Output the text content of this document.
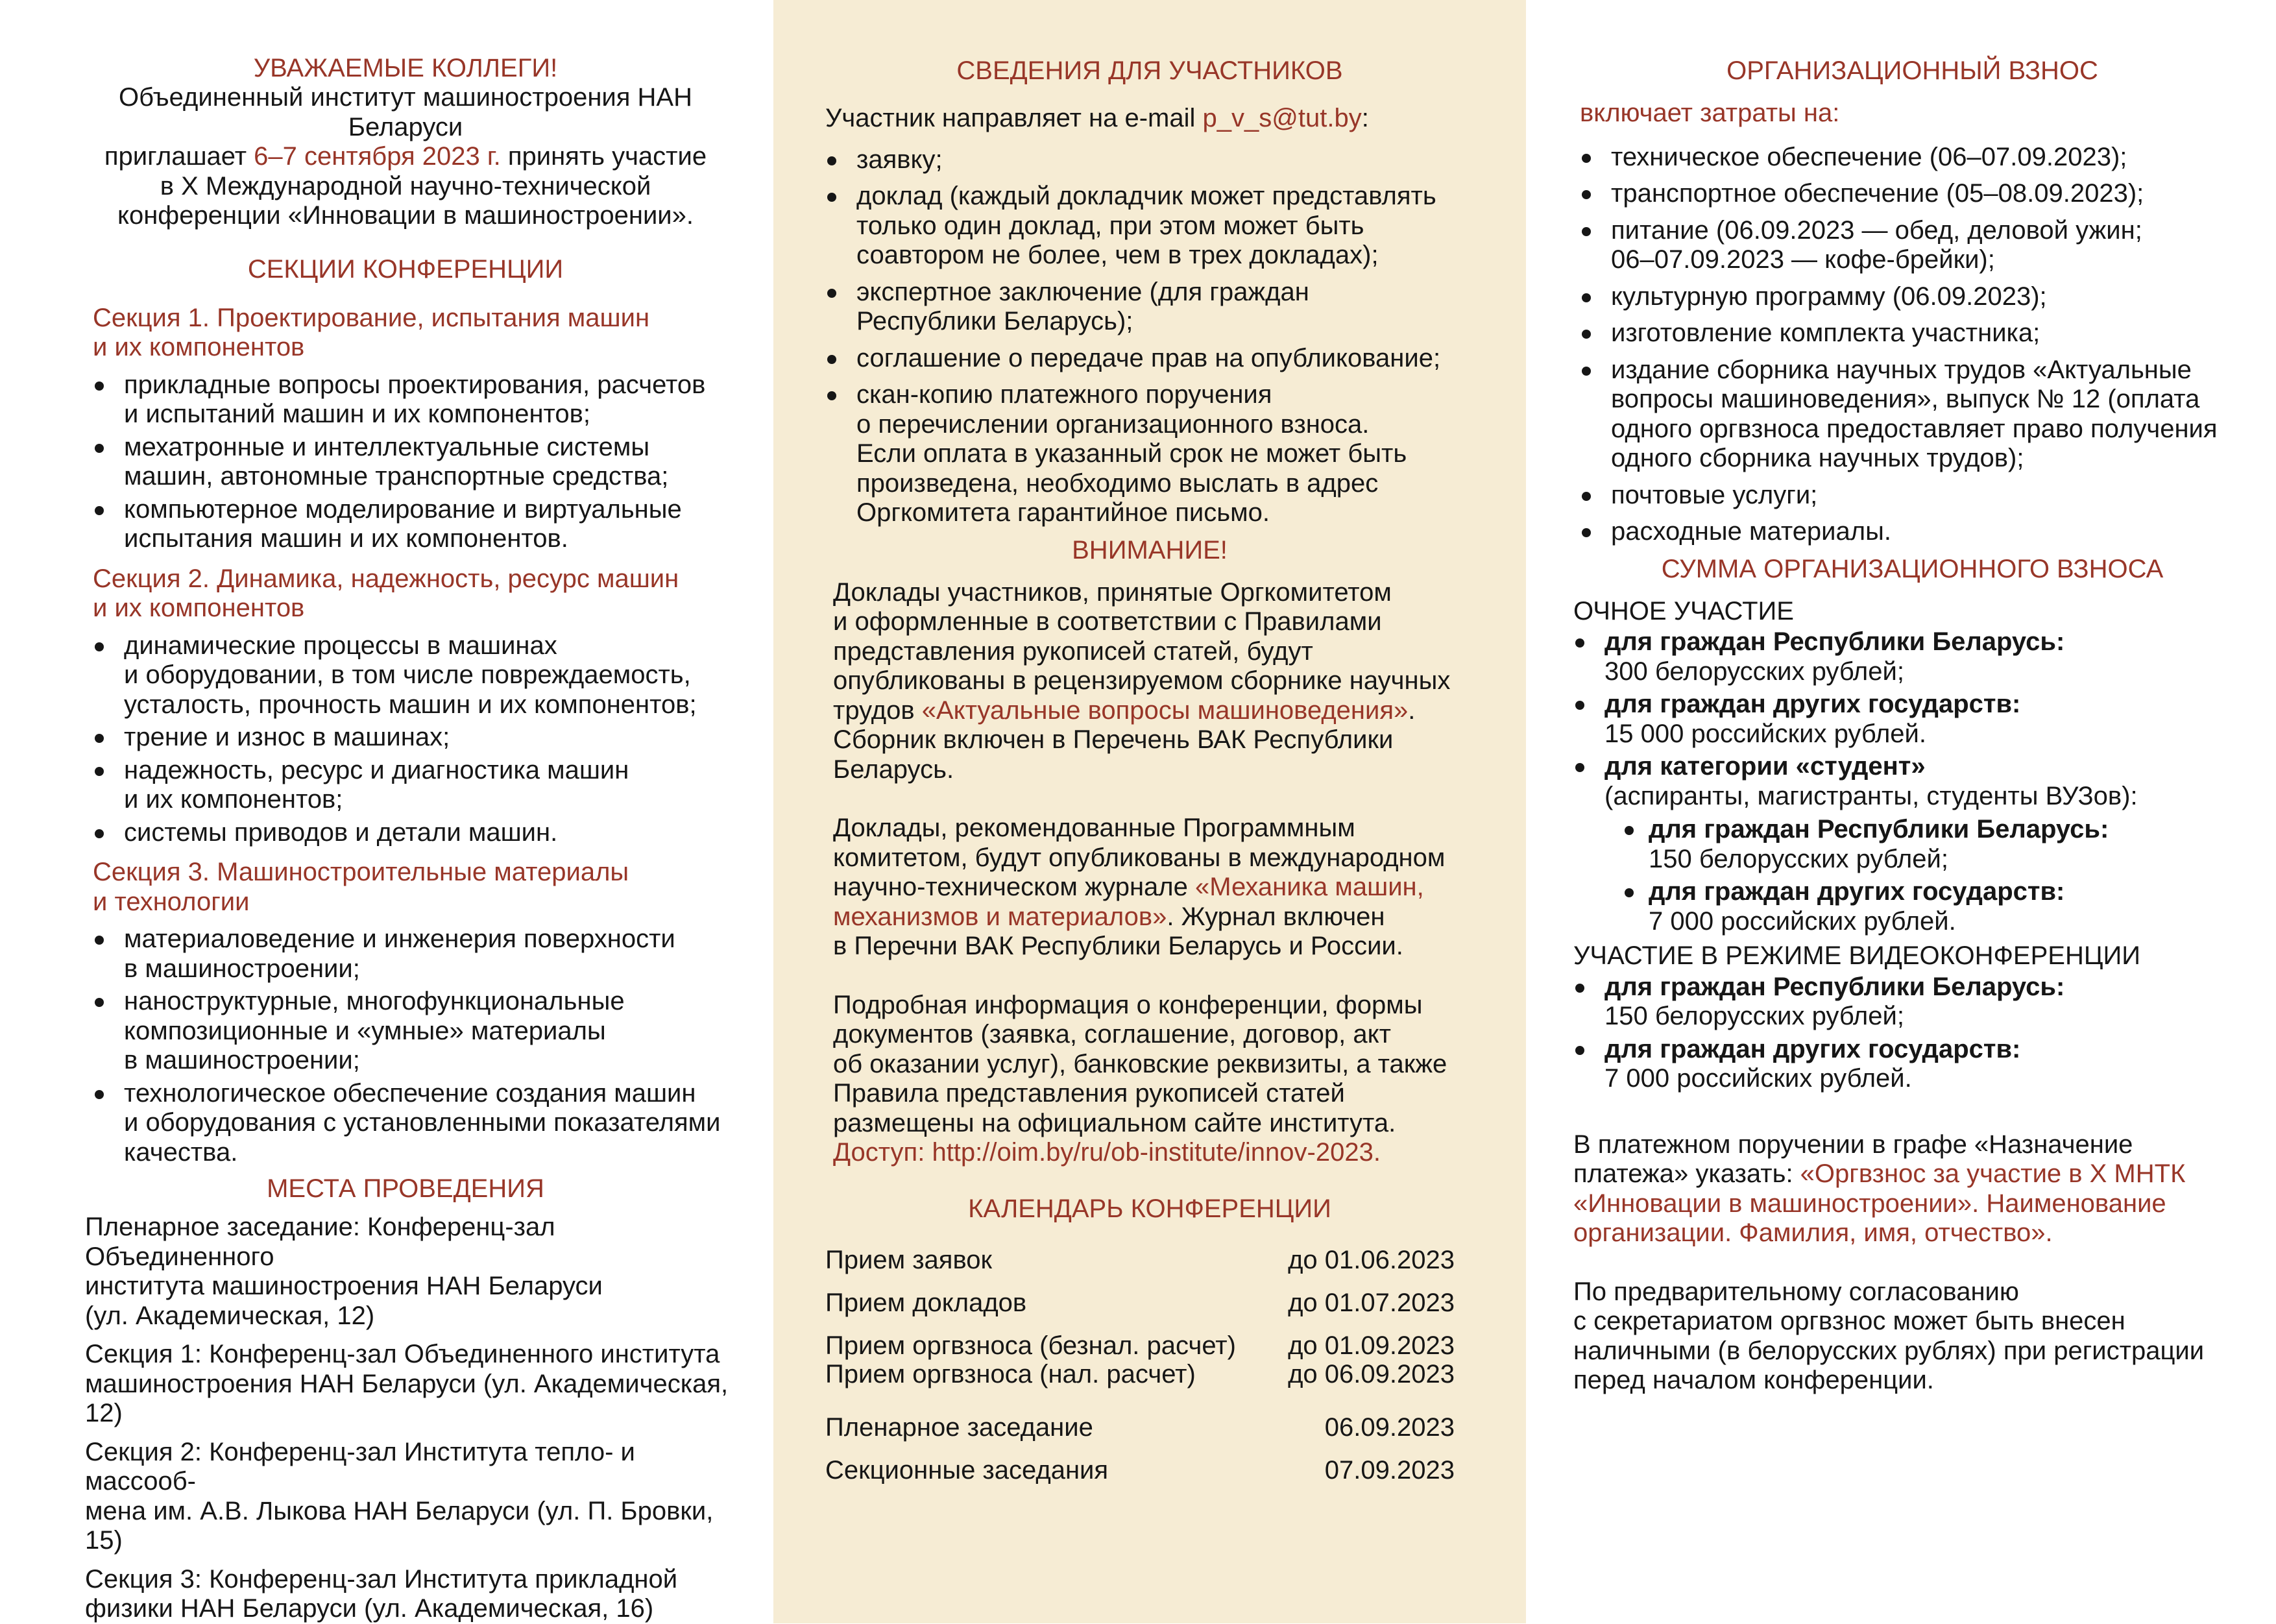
УВАЖАЕМЫЕ КОЛЛЕГИ!

Объединенный институт машиностроения НАН Беларуси
приглашает 6–7 сентября 2023 г. принять участие
в X Международной научно-технической
конференции «Инновации в машиностроении».

СЕКЦИИ КОНФЕРЕНЦИИ

Секция 1. Проектирование, испытания машин
и их компонентов

прикладные вопросы проектирования, расчетов
и испытаний машин и их компонентов;
мехатронные и интеллектуальные системы
машин, автономные транспортные средства;
компьютерное моделирование и виртуальные
испытания машин и их компонентов.

Секция 2. Динамика, надежность, ресурс машин
и их компонентов

динамические процессы в машинах
и оборудовании, в том числе повреждаемость,
усталость, прочность машин и их компонентов;
трение и износ в машинах;
надежность, ресурс и диагностика машин
и их компонентов;
системы приводов и детали машин.

Секция 3. Машиностроительные материалы
и технологии

материаловедение и инженерия поверхности
в машиностроении;
наноструктурные, многофункциональные
композиционные и «умные» материалы
в машиностроении;
технологическое обеспечение создания машин
и оборудования с установленными показателями
качества.
МЕСТА ПРОВЕДЕНИЯ

Пленарное заседание: Конференц-зал Объединенного
института машиностроения НАН Беларуси
(ул. Академическая, 12)

Секция 1: Конференц-зал Объединенного института
машиностроения НАН Беларуси (ул. Академическая, 12)

Секция 2: Конференц-зал Института тепло- и массооб-
мена им. А.В. Лыкова НАН Беларуси (ул. П. Бровки, 15)

Секция 3: Конференц-зал Института прикладной
физики НАН Беларуси (ул. Академическая, 16)

СВЕДЕНИЯ ДЛЯ УЧАСТНИКОВ

Участник направляет на e-mail p_v_s@tut.by:

заявку;
доклад (каждый докладчик может представлять
только один доклад, при этом может быть
соавтором не более, чем в трех докладах);
экспертное заключение (для граждан
Республики Беларусь);
соглашение о передаче прав на опубликование;
скан-копию платежного поручения
о перечислении организационного взноса.
Если оплата в указанный срок не может быть
произведена, необходимо выслать в адрес
Оргкомитета гарантийное письмо.
ВНИМАНИЕ!

Доклады участников, принятые Оргкомитетом
и оформленные в соответствии с Правилами
представления рукописей статей, будут
опубликованы в рецензируемом сборнике научных
трудов «Актуальные вопросы машиноведения».
Сборник включен в Перечень ВАК Республики
Беларусь.

Доклады, рекомендованные Программным
комитетом, будут опубликованы в международном
научно-техническом журнале «Механика машин,
механизмов и материалов». Журнал включен
в Перечни ВАК Республики Беларусь и России.

Подробная информация о конференции, формы
документов (заявка, соглашение, договор, акт
об оказании услуг), банковские реквизиты, а также
Правила представления рукописей статей
размещены на официальном сайте института.

Доступ: http://oim.by/ru/ob-institute/innov-2023.

КАЛЕНДАРЬ КОНФЕРЕНЦИИ
Прием заявок	до 01.06.2023
Прием докладов	до 01.07.2023
Прием оргвзноса (безнал. расчет) до 01.09.2023
Прием оргвзноса (нал. расчет)	до 06.09.2023
Пленарное заседание	06.09.2023
Секционные заседания	07.09.2023
ОРГАНИЗАЦИОННЫЙ ВЗНОС

включает затраты на:

техническое обеспечение (06–07.09.2023);
транспортное обеспечение (05–08.09.2023);
питание (06.09.2023 — обед, деловой ужин;
06–07.09.2023 — кофе-брейки);
культурную программу (06.09.2023);
изготовление комплекта участника;
издание сборника научных трудов «Актуальные
вопросы машиноведения», выпуск № 12 (оплата
одного оргвзноса предоставляет право получения
одного сборника научных трудов);
почтовые услуги;
расходные материалы.
СУММА ОРГАНИЗАЦИОННОГО ВЗНОСА

ОЧНОЕ УЧАСТИЕ

для граждан Республики Беларусь:
300 белорусских рублей;
для граждан других государств:
15 000 российских рублей.
для категории «студент»
(аспиранты, магистранты, студенты ВУЗов):
для граждан Республики Беларусь:
150 белорусских рублей;
для граждан других государств:
7 000 российских рублей.

УЧАСТИЕ В РЕЖИМЕ ВИДЕОКОНФЕРЕНЦИИ

для граждан Республики Беларусь:
150 белорусских рублей;
для граждан других государств:
7 000 российских рублей.

В платежном поручении в графе «Назначение
платежа» указать: «Оргвзнос за участие в X МНТК
«Инновации в машиностроении». Наименование
организации. Фамилия, имя, отчество».

По предварительному согласованию
с секретариатом оргвзнос может быть внесен
наличными (в белорусских рублях) при регистрации
перед началом конференции.
